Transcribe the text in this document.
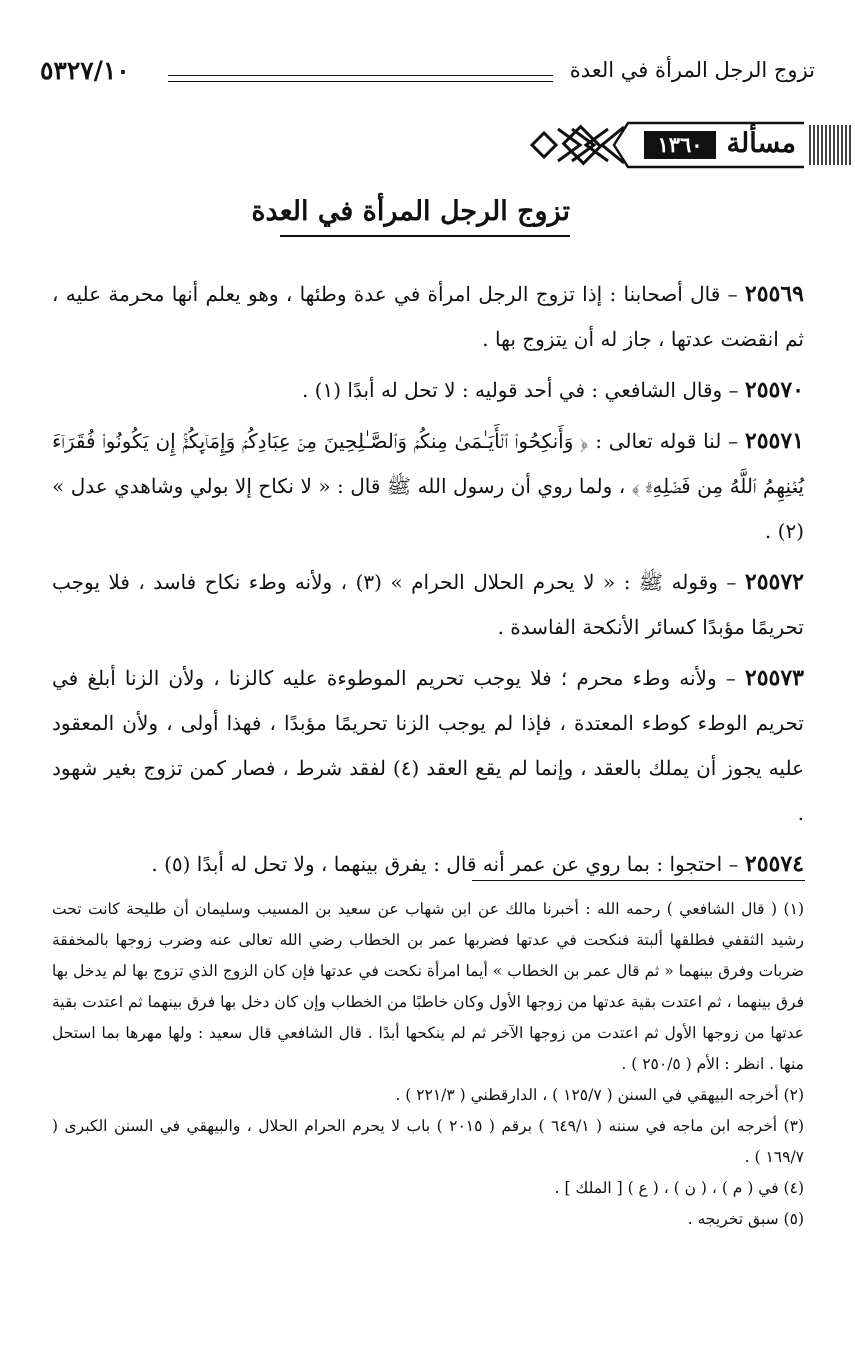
تزوج الرجل المرأة في العدة
٥٣٢٧/١٠
مسألة
١٣٦٠
تزوج الرجل المرأة في العدة

٢٥٥٦٩ – قال أصحابنا : إذا تزوج الرجل امرأة في عدة وطئها ، وهو يعلم أنها محرمة عليه ، ثم انقضت عدتها ، جاز له أن يتزوج بها .

٢٥٥٧٠ – وقال الشافعي : في أحد قوليه : لا تحل له أبدًا (١) .

٢٥٥٧١ – لنا قوله تعالى : ﴿ وَأَنكِحُوا۟ ٱلۡأَيَـٰمَىٰ مِنكُمۡ وَٱلصَّـٰلِحِينَ مِنۡ عِبَادِكُمۡ وَإِمَاۤىِٕكُمۡۚ إِن يَكُونُوا۟ فُقَرَاۤءَ يُغۡنِهِمُ ٱللَّهُ مِن فَضۡلِهِۦۗ ﴾ ، ولما روي أن رسول الله ﷺ قال : « لا نكاح إلا بولي وشاهدي عدل » (٢) .

٢٥٥٧٢ – وقوله ﷺ : « لا يحرم الحلال الحرام » (٣) ، ولأنه وطء نكاح فاسد ، فلا يوجب تحريمًا مؤبدًا كسائر الأنكحة الفاسدة .

٢٥٥٧٣ – ولأنه وطء محرم ؛ فلا يوجب تحريم الموطوءة عليه كالزنا ، ولأن الزنا أبلغ في تحريم الوطء كوطء المعتدة ، فإذا لم يوجب الزنا تحريمًا مؤبدًا ، فهذا أولى ، ولأن المعقود عليه يجوز أن يملك بالعقد ، وإنما لم يقع العقد (٤) لفقد شرط ، فصار كمن تزوج بغير شهود .

٢٥٥٧٤ – احتجوا : بما روي عن عمر أنه قال : يفرق بينهما ، ولا تحل له أبدًا (٥) .

(١) ( قال الشافعي ) رحمه الله : أخبرنا مالك عن ابن شهاب عن سعيد بن المسيب وسليمان أن طليحة كانت تحت رشيد الثقفي فطلقها ألبتة فنكحت في عدتها فضربها عمر بن الخطاب رضي الله تعالى عنه وضرب زوجها بالمخفقة ضربات وفرق بينهما « ثم قال عمر بن الخطاب » أيما امرأة نكحت في عدتها فإن كان الزوج الذي تزوج بها لم يدخل بها فرق بينهما ، ثم اعتدت بقية عدتها من زوجها الأول وكان خاطبًا من الخطاب وإن كان دخل بها فرق بينهما ثم اعتدت بقية عدتها من زوجها الأول ثم اعتدت من زوجها الآخر ثم لم ينكحها أبدًا . قال الشافعي قال سعيد : ولها مهرها بما استحل منها . انظر : الأم ( ٢٥٠/٥ ) .

(٢) أخرجه البيهقي في السنن ( ١٢٥/٧ ) ، الدارقطني ( ٢٢١/٣ ) .

(٣) أخرجه ابن ماجه في سننه ( ٦٤٩/١ ) برقم ( ٢٠١٥ ) باب لا يحرم الحرام الحلال ، والبيهقي في السنن الكبرى ( ١٦٩/٧ ) .

(٤) في ( م ) ، ( ن ) ، ( ع ) [ الملك ] .

(٥) سبق تخريجه .
